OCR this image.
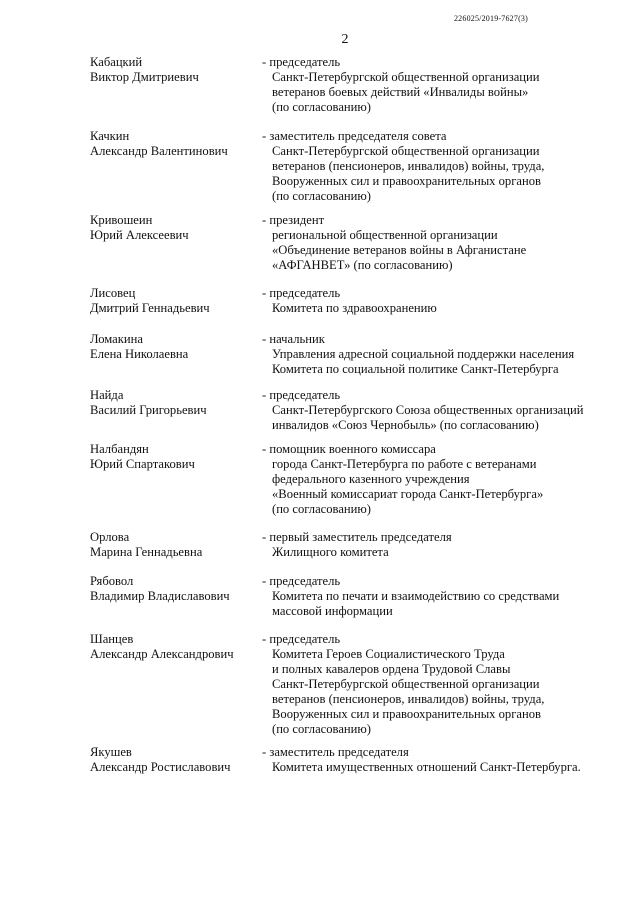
226025/2019-7627(3)
2
Кабацкий
Виктор Дмитриевич
- председатель
Санкт-Петербургской общественной организации
ветеранов боевых действий «Инвалиды войны»
(по согласованию)
Качкин
Александр Валентинович
- заместитель председателя совета
Санкт-Петербургской общественной организации
ветеранов (пенсионеров, инвалидов) войны, труда,
Вооруженных сил и правоохранительных органов
(по согласованию)
Кривошеин
Юрий Алексеевич
- президент
региональной общественной организации
«Объединение ветеранов войны в Афганистане
«АФГАНВЕТ» (по согласованию)
Лисовец
Дмитрий Геннадьевич
- председатель
Комитета по здравоохранению
Ломакина
Елена Николаевна
- начальник
Управления адресной социальной поддержки населения
Комитета по социальной политике Санкт-Петербурга
Найда
Василий Григорьевич
- председатель
Санкт-Петербургского Союза общественных организаций
инвалидов «Союз Чернобыль» (по согласованию)
Налбандян
Юрий Спартакович
- помощник военного комиссара
города Санкт-Петербурга по работе с ветеранами
федерального казенного учреждения
«Военный комиссариат города Санкт-Петербурга»
(по согласованию)
Орлова
Марина Геннадьевна
- первый заместитель председателя
Жилищного комитета
Рябовол
Владимир Владиславович
- председатель
Комитета по печати и взаимодействию со средствами
массовой информации
Шанцев
Александр Александрович
- председатель
Комитета Героев Социалистического Труда
и полных кавалеров ордена Трудовой Славы
Санкт-Петербургской общественной организации
ветеранов (пенсионеров, инвалидов) войны, труда,
Вооруженных сил и правоохранительных органов
(по согласованию)
Якушев
Александр Ростиславович
- заместитель председателя
Комитета имущественных отношений Санкт-Петербурга.
